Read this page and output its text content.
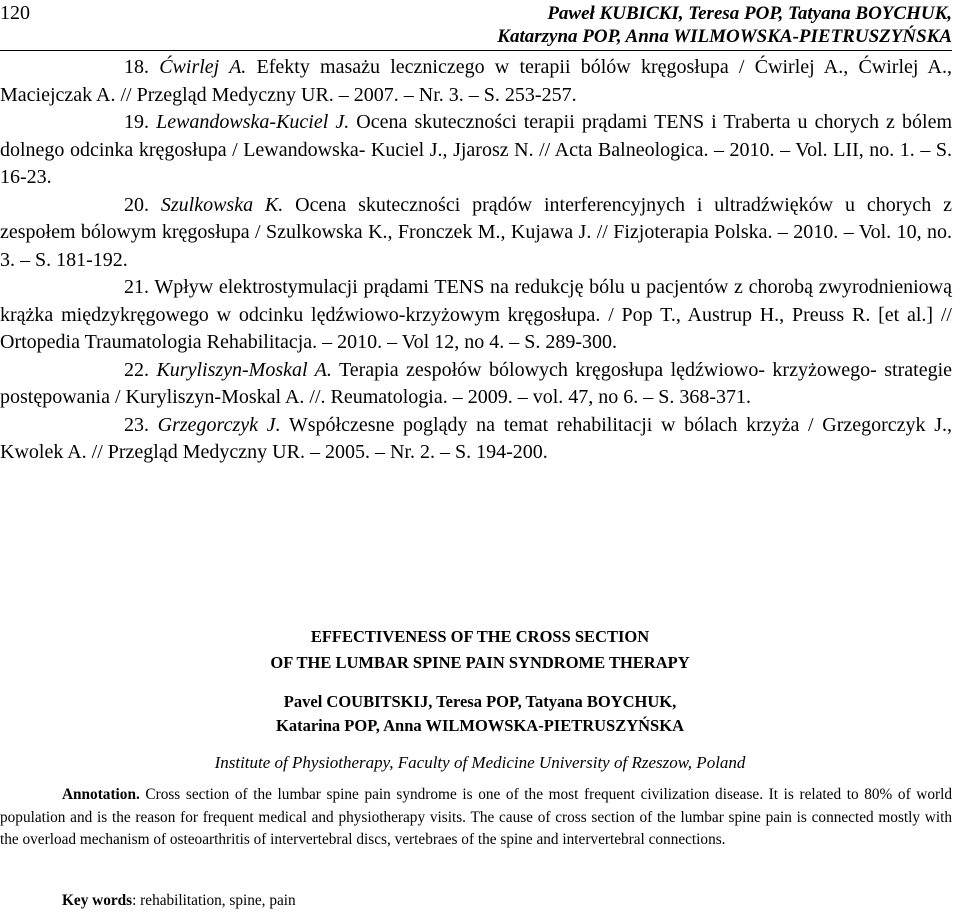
120	Paweł KUBICKI, Teresa POP, Tatyana BOYCHUK,
Katarzyna POP, Anna WILMOWSKA-PIETRUSZYŃSKA

18. Ćwirlej A. Efekty masażu leczniczego w terapii bólów kręgosłupa / Ćwirlej A., Ćwirlej A., Maciejczak A. // Przegląd Medyczny UR. – 2007. – Nr. 3. – S. 253-257.

19. Lewandowska-Kuciel J. Ocena skuteczności terapii prądami TENS i Traberta u chorych z bólem dolnego odcinka kręgosłupa / Lewandowska- Kuciel J., Jjarosz N. // Acta Balneologica. – 2010. – Vol. LII, no. 1. – S. 16-23.

20. Szulkowska K. Ocena skuteczności prądów interferencyjnych i ultradźwięków u chorych z zespołem bólowym kręgosłupa / Szulkowska K., Fronczek M., Kujawa J. // Fizjoterapia Polska. – 2010. – Vol. 10, no. 3. – S. 181-192.

21. Wpływ elektrostymulacji prądami TENS na redukcję bólu u pacjentów z chorobą zwyrodnieniową krążka międzykręgowego w odcinku lędźwiowo-krzyżowym kręgosłupa. / Pop T., Austrup H., Preuss R. [et al.] // Ortopedia Traumatologia Rehabilitacja. – 2010. – Vol 12, no 4. – S. 289-300.

22. Kuryliszyn-Moskal A. Terapia zespołów bólowych kręgosłupa lędźwiowo- krzyżowego- strategie postępowania / Kuryliszyn-Moskal A. //. Reumatologia. – 2009. – vol. 47, no 6. – S. 368-371.

23. Grzegorczyk J. Współczesne poglądy na temat rehabilitacji w bólach krzyża / Grzegorczyk J., Kwolek A. // Przegląd Medyczny UR. – 2005. – Nr. 2. – S. 194-200.

EFFECTIVENESS OF THE CROSS SECTION
OF THE LUMBAR SPINE PAIN SYNDROME THERAPY
Pavel COUBITSKIJ, Teresa POP, Tatyana BOYCHUK,
Katarina POP, Anna WILMOWSKA-PIETRUSZYŃSKA
Institute of Physiotherapy, Faculty of Medicine University of Rzeszow, Poland

Annotation. Cross section of the lumbar spine pain syndrome is one of the most frequent civilization disease. It is related to 80% of world population and is the reason for frequent medical and physiotherapy visits. The cause of cross section of the lumbar spine pain is connected mostly with the overload mechanism of osteoarthritis of intervertebral discs, vertebraes of the spine and intervertebral connections.

Key words: rehabilitation, spine, pain
